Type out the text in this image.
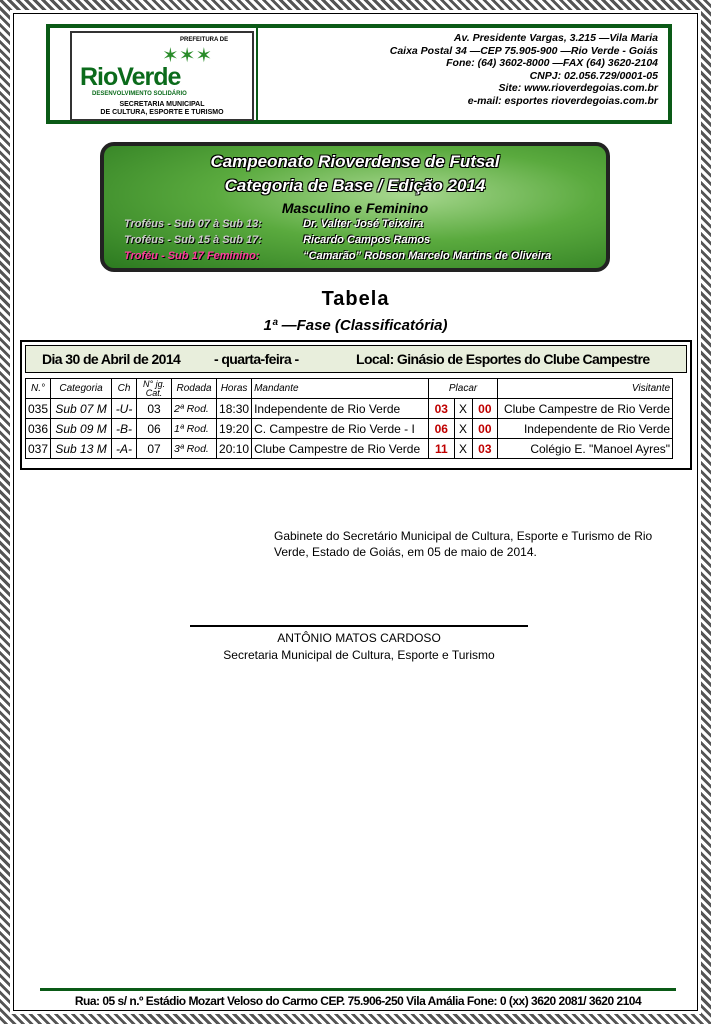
PREFEITURA DE
✶✶✶
RioVerde
DESENVOLVIMENTO SOLIDÁRIO
SECRETARIA MUNICIPAL
DE CULTURA, ESPORTE E TURISMO
Av. Presidente Vargas, 3.215 —Vila Maria
Caixa Postal 34 —CEP 75.905-900 —Rio Verde - Goiás
Fone: (64) 3602-8000 —FAX (64) 3620-2104
CNPJ: 02.056.729/0001-05
Site: www.rioverdegoias.com.br
e-mail: esportes rioverdegoias.com.br
Campeonato Rioverdense de Futsal
Categoria de Base / Edição 2014
Masculino e Feminino
Troféus - Sub 07 à Sub 13:	Dr. Valter José Teixeira
Troféus - Sub 15 à Sub 17:	Ricardo Campos Ramos
Troféu - Sub 17 Feminino:	“Camarão” Robson Marcelo Martins de Oliveira
Tabela
1ª —Fase (Classificatória)
Dia 30 de Abril de 2014 - quarta-feira -	Local: Ginásio de Esportes do Clube Campestre
N.°	Categoria	Ch	N° jg. Cat.	Rodada	Horas	Mandante	Placar			Visitante
035	Sub 07 M	-U-	03	2ª Rod.	18:30	Independente de Rio Verde	03	X	00	Clube Campestre de Rio Verde
036	Sub 09 M	-B-	06	1ª Rod.	19:20	C. Campestre de Rio Verde - I	06	X	00	Independente de Rio Verde
037	Sub 13 M	-A-	07	3ª Rod.	20:10	Clube Campestre de Rio Verde	11	X	03	Colégio E. "Manoel Ayres"
Gabinete do Secretário Municipal de Cultura, Esporte e Turismo de Rio Verde, Estado de Goiás, em 05 de maio de 2014.
ANTÔNIO MATOS CARDOSO
Secretaria Municipal de Cultura, Esporte e Turismo
Rua: 05 s/ n.º Estádio Mozart Veloso do Carmo CEP. 75.906-250 Vila Amália Fone: 0 (xx) 3620 2081/ 3620 2104
